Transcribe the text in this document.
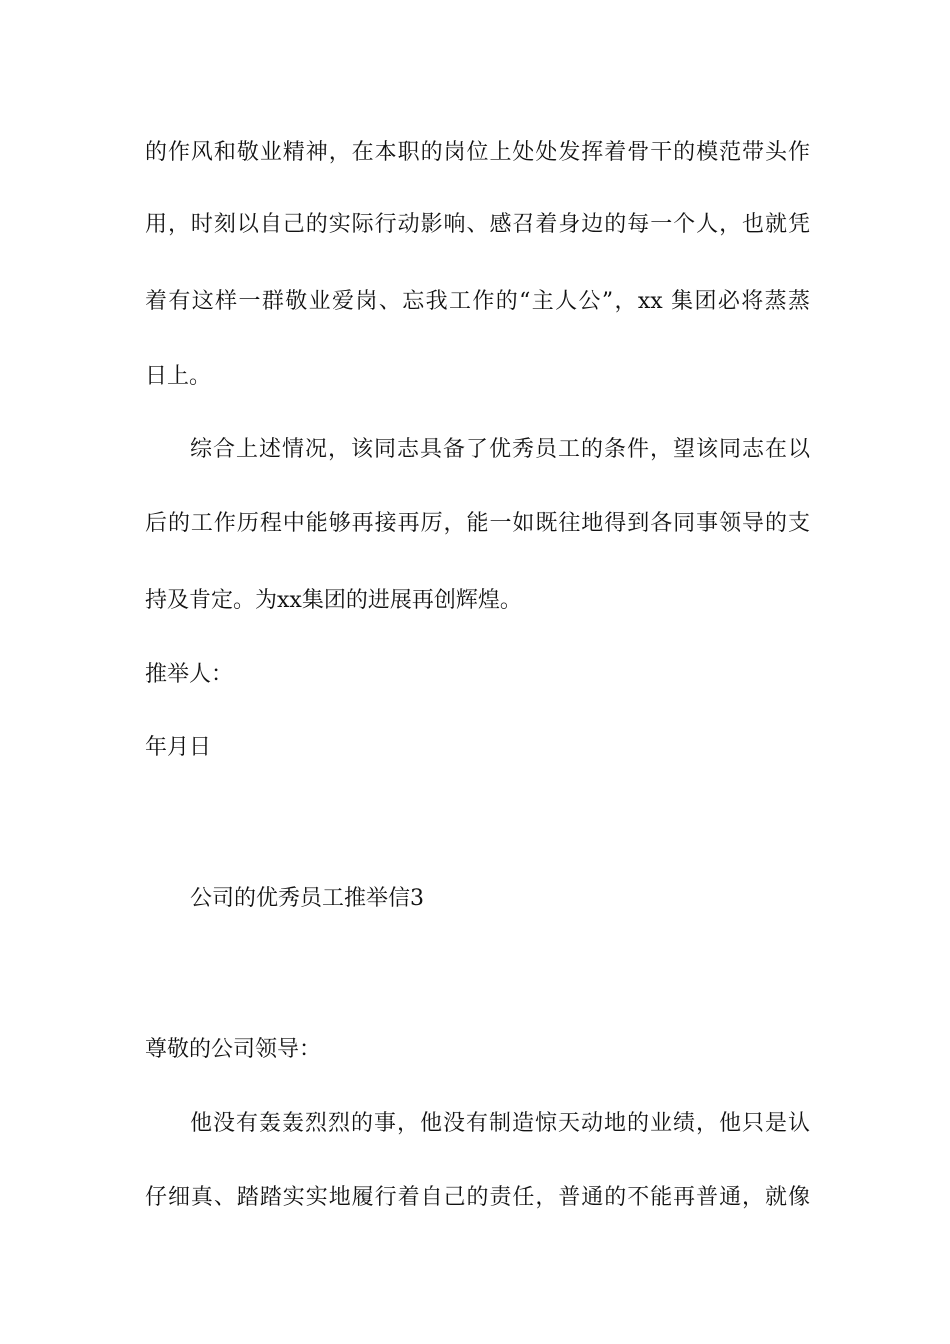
的作风和敬业精神，在本职的岗位上处处发挥着骨干的模范带头作
用，时刻以自己的实际行动影响、感召着身边的每一个人，也就凭
着有这样一群敬业爱岗、忘我工作的“主人公”，xx 集团必将蒸蒸
日上。
综合上述情况，该同志具备了优秀员工的条件，望该同志在以
后的工作历程中能够再接再厉，能一如既往地得到各同事领导的支
持及肯定。为xx集团的进展再创辉煌。
推举人：
年月日
公司的优秀员工推举信3
尊敬的公司领导：
他没有轰轰烈烈的事，他没有制造惊天动地的业绩，他只是认
仔细真、踏踏实实地履行着自己的责任，普通的不能再普通，就像
